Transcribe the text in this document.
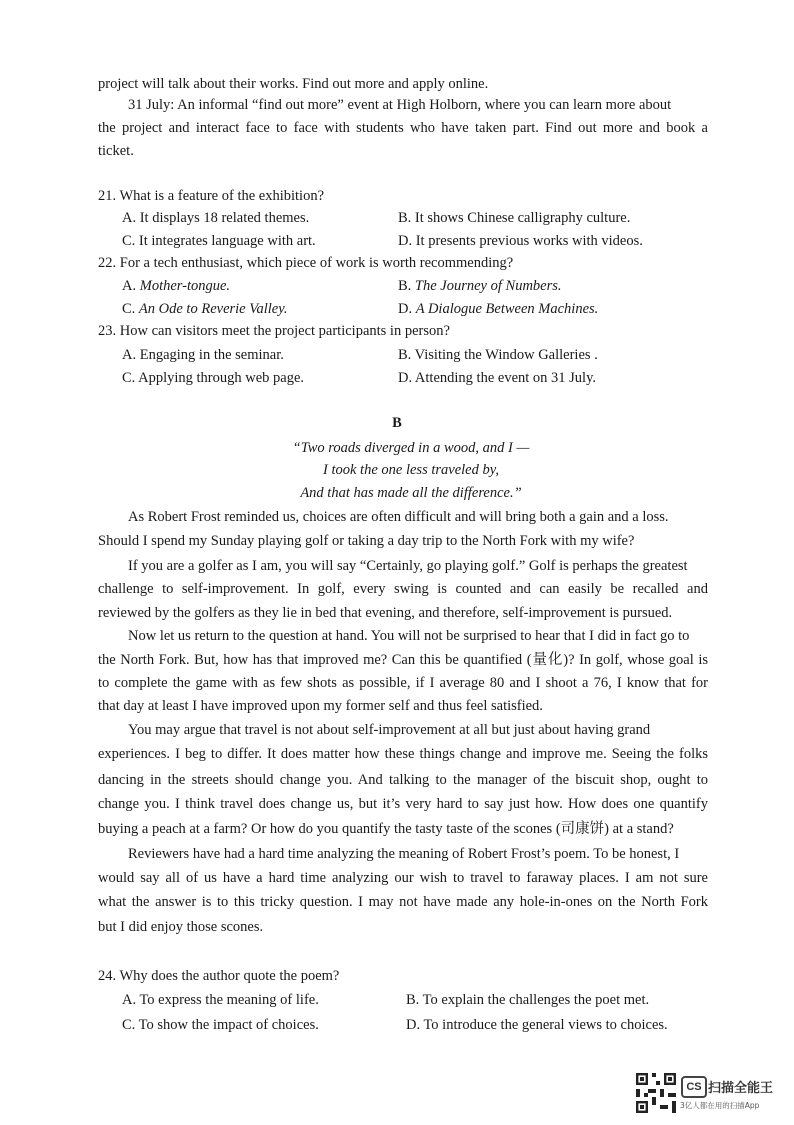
project will talk about their works. Find out more and apply online.
31 July: An informal “find out more” event at High Holborn, where you can learn more about
the project and interact face to face with students who have taken part. Find out more and book a
ticket.
21. What is a feature of the exhibition?
A. It displays 18 related themes.	B. It shows Chinese calligraphy culture.
C. It integrates language with art.	D. It presents previous works with videos.
22. For a tech enthusiast, which piece of work is worth recommending?
A. Mother-tongue.	B. The Journey of Numbers.
C. An Ode to Reverie Valley.	D. A Dialogue Between Machines.
23. How can visitors meet the project participants in person?
A. Engaging in the seminar.	B. Visiting the Window Galleries .
C. Applying through web page.	D. Attending the event on 31 July.
B
“Two roads diverged in a wood, and I —
I took the one less traveled by,
And that has made all the difference.”
As Robert Frost reminded us, choices are often difficult and will bring both a gain and a loss.
Should I spend my Sunday playing golf or taking a day trip to the North Fork with my wife?
If you are a golfer as I am, you will say “Certainly, go playing golf.” Golf is perhaps the greatest
challenge to self-improvement. In golf, every swing is counted and can easily be recalled and
reviewed by the golfers as they lie in bed that evening, and therefore, self-improvement is pursued.
Now let us return to the question at hand. You will not be surprised to hear that I did in fact go to
the North Fork. But, how has that improved me? Can this be quantified (量化)? In golf, whose goal is
to complete the game with as few shots as possible, if I average 80 and I shoot a 76, I know that for
that day at least I have improved upon my former self and thus feel satisfied.
You may argue that travel is not about self-improvement at all but just about having grand
experiences. I beg to differ. It does matter how these things change and improve me. Seeing the folks
dancing in the streets should change you. And talking to the manager of the biscuit shop, ought to
change you. I think travel does change us, but it’s very hard to say just how. How does one quantify
buying a peach at a farm? Or how do you quantify the tasty taste of the scones (司康饼) at a stand?
Reviewers have had a hard time analyzing the meaning of Robert Frost’s poem. To be honest, I
would say all of us have a hard time analyzing our wish to travel to faraway places. I am not sure
what the answer is to this tricky question. I may not have made any hole-in-ones on the North Fork
but I did enjoy those scones.
24. Why does the author quote the poem?
A. To express the meaning of life.	B. To explain the challenges the poet met.
C. To show the impact of choices.	D. To introduce the general views to choices.
CS 扫描全能王
3亿人都在用的扫描App
